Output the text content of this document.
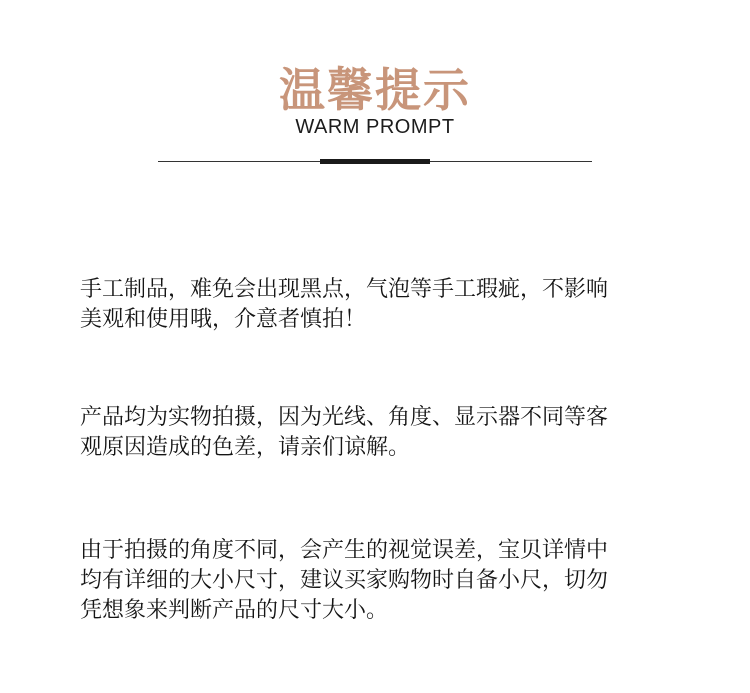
温馨提示
WARM PROMPT
手工制品，难免会出现黑点，气泡等手工瑕疵，不影响
美观和使用哦，介意者慎拍！
产品均为实物拍摄，因为光线、角度、显示器不同等客
观原因造成的色差，请亲们谅解。
由于拍摄的角度不同，会产生的视觉误差，宝贝详情中
均有详细的大小尺寸，建议买家购物时自备小尺，切勿
凭想象来判断产品的尺寸大小。
